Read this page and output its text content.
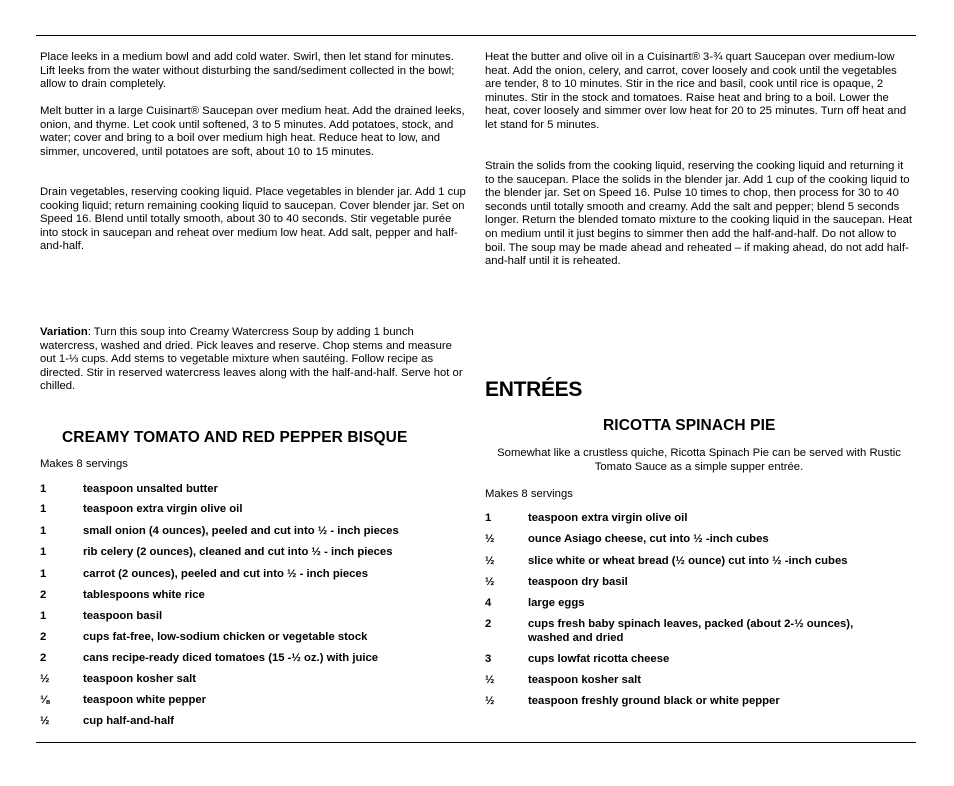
Place leeks in a medium bowl and add cold water. Swirl, then let stand for minutes. Lift leeks from the water without disturbing the sand/sediment collected in the bowl; allow to drain completely.

Melt butter in a large Cuisinart® Saucepan over medium heat. Add the drained leeks, onion, and thyme. Let cook until softened, 3 to 5 minutes. Add potatoes, stock, and water; cover and bring to a boil over medium high heat. Reduce heat to low, and simmer, uncovered, until potatoes are soft, about 10 to 15 minutes.

Drain vegetables, reserving cooking liquid. Place vegetables in blender jar. Add 1 cup cooking liquid; return remaining cooking liquid to saucepan. Cover blender jar. Set on Speed 16. Blend until totally smooth, about 30 to 40 seconds. Stir vegetable purée into stock in saucepan and reheat over medium low heat. Add salt, pepper and half-and-half.

Variation: Turn this soup into Creamy Watercress Soup by adding 1 bunch watercress, washed and dried. Pick leaves and reserve. Chop stems and measure out 1-⅓ cups. Add stems to vegetable mixture when sautéing. Follow recipe as directed. Stir in reserved watercress leaves along with the half-and-half. Serve hot or chilled.

CREAMY TOMATO AND RED PEPPER BISQUE

Makes 8 servings

1	teaspoon unsalted butter
1	teaspoon extra virgin olive oil
1	small onion (4 ounces), peeled and cut into ½ - inch pieces
1	rib celery (2 ounces), cleaned and cut into ½ - inch pieces
1	carrot (2 ounces), peeled and cut into ½ - inch pieces
2	tablespoons white rice
1	teaspoon basil
2	cups fat-free, low-sodium chicken or vegetable stock
2	cans recipe-ready diced tomatoes (15 -½ oz.) with juice
½	teaspoon kosher salt
⅛	teaspoon white pepper
½	cup half-and-half

Heat the butter and olive oil in a Cuisinart® 3-¾ quart Saucepan over medium-low heat. Add the onion, celery, and carrot, cover loosely and cook until the vegetables are tender, 8 to 10 minutes. Stir in the rice and basil, cook until rice is opaque, 2 minutes. Stir in the stock and tomatoes. Raise heat and bring to a boil. Lower the heat, cover loosely and simmer over low heat for 20 to 25 minutes. Turn off heat and let stand for 5 minutes.

Strain the solids from the cooking liquid, reserving the cooking liquid and returning it to the saucepan. Place the solids in the blender jar. Add 1 cup of the cooking liquid to the blender jar. Set on Speed 16. Pulse 10 times to chop, then process for 30 to 40 seconds until totally smooth and creamy. Add the salt and pepper; blend 5 seconds longer. Return the blended tomato mixture to the cooking liquid in the saucepan. Heat on medium until it just begins to simmer then add the half-and-half. Do not allow to boil. The soup may be made ahead and reheated – if making ahead, do not add half-and-half until it is reheated.

ENTRÉES
RICOTTA SPINACH PIE

Somewhat like a crustless quiche, Ricotta Spinach Pie can be served with Rustic Tomato Sauce as a simple supper entrée.

Makes 8 servings

1	teaspoon extra virgin olive oil
½	ounce Asiago cheese, cut into ½ -inch cubes
½	slice white or wheat bread (½ ounce) cut into ½ -inch cubes
½	teaspoon dry basil
4	large eggs
2	cups fresh baby spinach leaves, packed (about 2-½ ounces), washed and dried
3	cups lowfat ricotta cheese
½	teaspoon kosher salt
½	teaspoon freshly ground black or white pepper
